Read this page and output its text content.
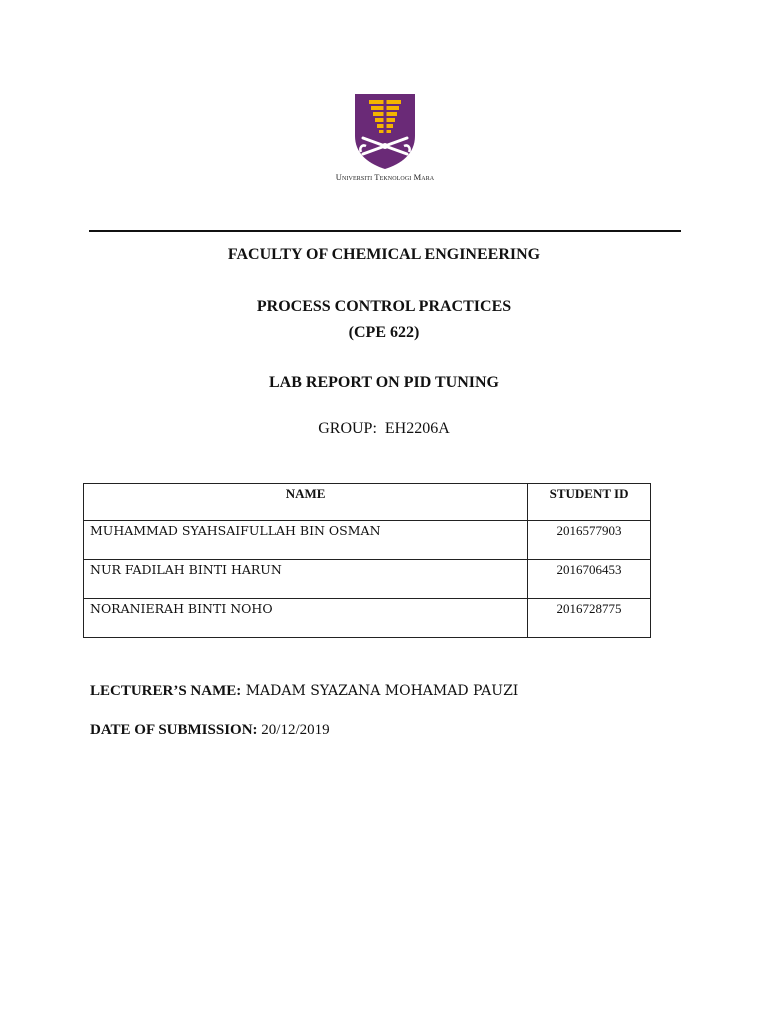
Universiti Teknologi Mara
FACULTY OF CHEMICAL ENGINEERING
PROCESS CONTROL PRACTICES
(CPE 622)
LAB REPORT ON PID TUNING
GROUP:  EH2206A
NAME	STUDENT ID
MUHAMMAD SYAHSAIFULLAH BIN OSMAN	2016577903
NUR FADILAH BINTI HARUN	2016706453
NORANIERAH BINTI NOHO	2016728775
LECTURER’S NAME: MADAM SYAZANA MOHAMAD PAUZI
DATE OF SUBMISSION: 20/12/2019
